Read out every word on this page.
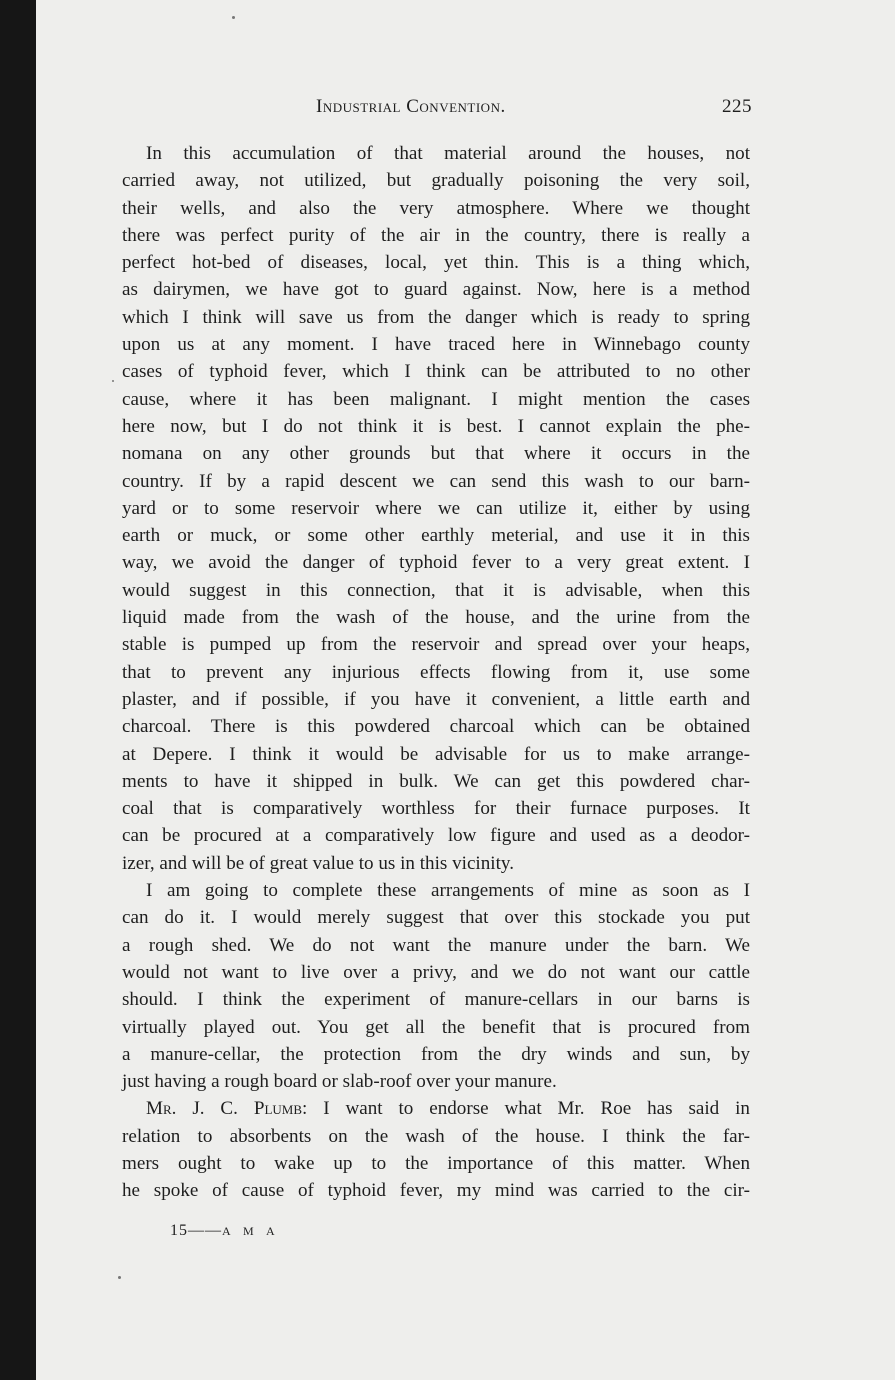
Industrial Convention.	225
In this accumulation of that material around the houses, not
carried away, not utilized, but gradually poisoning the very soil,
their wells, and also the very atmosphere. Where we thought
there was perfect purity of the air in the country, there is really a
perfect hot-bed of diseases, local, yet thin. This is a thing which,
as dairymen, we have got to guard against. Now, here is a method
which I think will save us from the danger which is ready to spring
upon us at any moment. I have traced here in Winnebago county
cases of typhoid fever, which I think can be attributed to no other
cause, where it has been malignant. I might mention the cases
here now, but I do not think it is best. I cannot explain the phe-
nomana on any other grounds but that where it occurs in the
country. If by a rapid descent we can send this wash to our barn-
yard or to some reservoir where we can utilize it, either by using
earth or muck, or some other earthly meterial, and use it in this
way, we avoid the danger of typhoid fever to a very great extent. I
would suggest in this connection, that it is advisable, when this
liquid made from the wash of the house, and the urine from the
stable is pumped up from the reservoir and spread over your heaps,
that to prevent any injurious effects flowing from it, use some
plaster, and if possible, if you have it convenient, a little earth and
charcoal. There is this powdered charcoal which can be obtained
at Depere. I think it would be advisable for us to make arrange-
ments to have it shipped in bulk. We can get this powdered char-
coal that is comparatively worthless for their furnace purposes. It
can be procured at a comparatively low figure and used as a deodor-
izer, and will be of great value to us in this vicinity.
I am going to complete these arrangements of mine as soon as I
can do it. I would merely suggest that over this stockade you put
a rough shed. We do not want the manure under the barn. We
would not want to live over a privy, and we do not want our cattle
should. I think the experiment of manure-cellars in our barns is
virtually played out. You get all the benefit that is procured from
a manure-cellar, the protection from the dry winds and sun, by
just having a rough board or slab-roof over your manure.
Mr. J. C. Plumb: I want to endorse what Mr. Roe has said in
relation to absorbents on the wash of the house. I think the far-
mers ought to wake up to the importance of this matter. When
he spoke of cause of typhoid fever, my mind was carried to the cir-
15——A M A
